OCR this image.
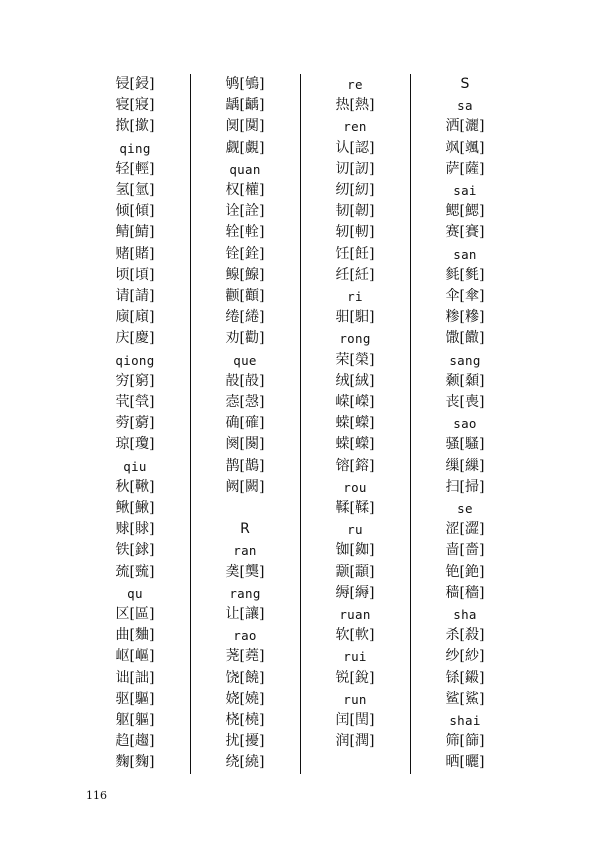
锓[鋟]
寝[寢]
揿[撳]
qing
轻[輕]
氢[氫]
倾[傾]
鲭[鯖]
赌[賭]
顷[頃]
请[請]
庼[廎]
庆[慶]
qiong
穷[窮]
茕[煢]
䓖[藭]
琼[瓊]
qiu
秋[鞦]
鳅[鰍]
赇[賕]
铁[銶]
巯[巰]
qu
区[區]
曲[麯]
岖[嶇]
诎[詘]
驱[驅]
躯[軀]
趋[趨]
麴[麴]
鸲[鴝]
龋[齲]
阒[闃]
觑[覷]
quan
权[權]
诠[詮]
辁[輇]
铨[銓]
鳈[鰁]
颧[顴]
绻[綣]
劝[勸]
que
㱿[㱿]
悫[愨]
确[確]
阕[闋]
鹊[鵲]
阙[闕]
R
ran
䶮[龑]
rang
让[讓]
rao
荛[蕘]
饶[饒]
娆[嬈]
桡[橈]
扰[擾]
绕[繞]
re
热[熱]
ren
认[認]
讱[訒]
纫[紉]
韧[韌]
轫[軔]
饪[飪]
纴[紝]
ri
驲[馹]
rong
荣[榮]
绒[絨]
嵘[嶸]
蝾[蠑]
蝾[蠑]
镕[鎔]
rou
鞣[鞣]
ru
铷[銣]
颥[顬]
缛[縟]
ruan
软[軟]
rui
锐[銳]
run
闰[閏]
润[潤]
S
sa
洒[灑]
飒[颯]
萨[薩]
sai
鳃[鰓]
赛[賽]
san
毵[毿]
伞[傘]
糁[糝]
馓[饊]
sang
颡[顙]
丧[喪]
sao
骚[騷]
缫[繅]
扫[掃]
se
涩[澀]
啬[嗇]
铯[銫]
穑[穡]
sha
杀[殺]
纱[紗]
铩[鎩]
鲨[鯊]
shai
筛[篩]
晒[曬]
116
